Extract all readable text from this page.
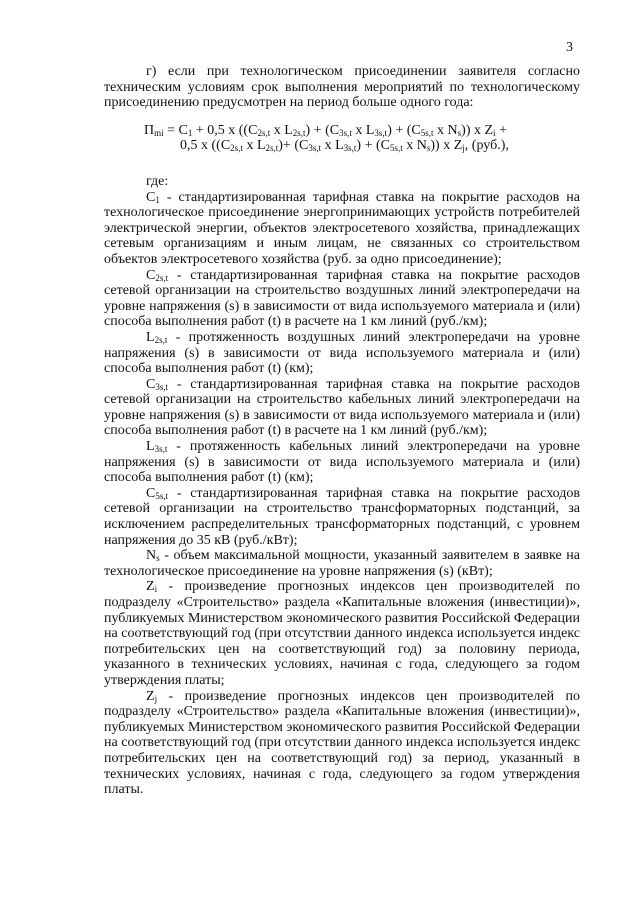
3

г) если при технологическом присоединении заявителя согласно техническим условиям срок выполнения мероприятий по технологическому присоединению предусмотрен на период больше одного года:

$П_{mi} = С_1 + 0,5$ х (($С_{2s,t}$ х $L_{2s,t}) + (С_{3s,t}$ х $L_{3s,t}) + (С_{5s,t}$ х $N_s$)) х $Z_i$ +
0,5 х (($С_{2s,t}$ х $L_{2s,t})+ (С_{3s,t}$ х $L_{3s,t}) + (С_{5s,t}$ х $N_s$)) х $Z_j$, (руб.),

где:

$С_1$ - стандартизированная тарифная ставка на покрытие расходов на технологическое присоединение энергопринимающих устройств потребителей электрической энергии, объектов электросетевого хозяйства, принадлежащих сетевым организациям и иным лицам, не связанных со строительством объектов электросетевого хозяйства (руб. за одно присоединение);

$С_{2s,t}$ - стандартизированная тарифная ставка на покрытие расходов сетевой организации на строительство воздушных линий электропередачи на уровне напряжения (s) в зависимости от вида используемого материала и (или) способа выполнения работ (t) в расчете на 1 км линий (руб./км);

$L_{2s,t}$ - протяженность воздушных линий электропередачи на уровне напряжения (s) в зависимости от вида используемого материала и (или) способа выполнения работ (t) (км);

$С_{3s,t}$ - стандартизированная тарифная ставка на покрытие расходов сетевой организации на строительство кабельных линий электропередачи на уровне напряжения (s) в зависимости от вида используемого материала и (или) способа выполнения работ (t) в расчете на 1 км линий (руб./км);

$L_{3s,t}$ - протяженность кабельных линий электропередачи на уровне напряжения (s) в зависимости от вида используемого материала и (или) способа выполнения работ (t) (км);

$С_{5s,t}$ - стандартизированная тарифная ставка на покрытие расходов сетевой организации на строительство трансформаторных подстанций, за исключением распределительных трансформаторных подстанций, с уровнем напряжения до 35 кВ (руб./кВт);

$N_s$ - объем максимальной мощности, указанный заявителем в заявке на технологическое присоединение на уровне напряжения (s) (кВт);

$Z_i$ - произведение прогнозных индексов цен производителей по подразделу «Строительство» раздела «Капитальные вложения (инвестиции)», публикуемых Министерством экономического развития Российской Федерации на соответствующий год (при отсутствии данного индекса используется индекс потребительских цен на соответствующий год) за половину периода, указанного в технических условиях, начиная с года, следующего за годом утверждения платы;

$Z_j$ - произведение прогнозных индексов цен производителей по подразделу «Строительство» раздела «Капитальные вложения (инвестиции)», публикуемых Министерством экономического развития Российской Федерации на соответствующий год (при отсутствии данного индекса используется индекс потребительских цен на соответствующий год) за период, указанный в технических условиях, начиная с года, следующего за годом утверждения платы.
